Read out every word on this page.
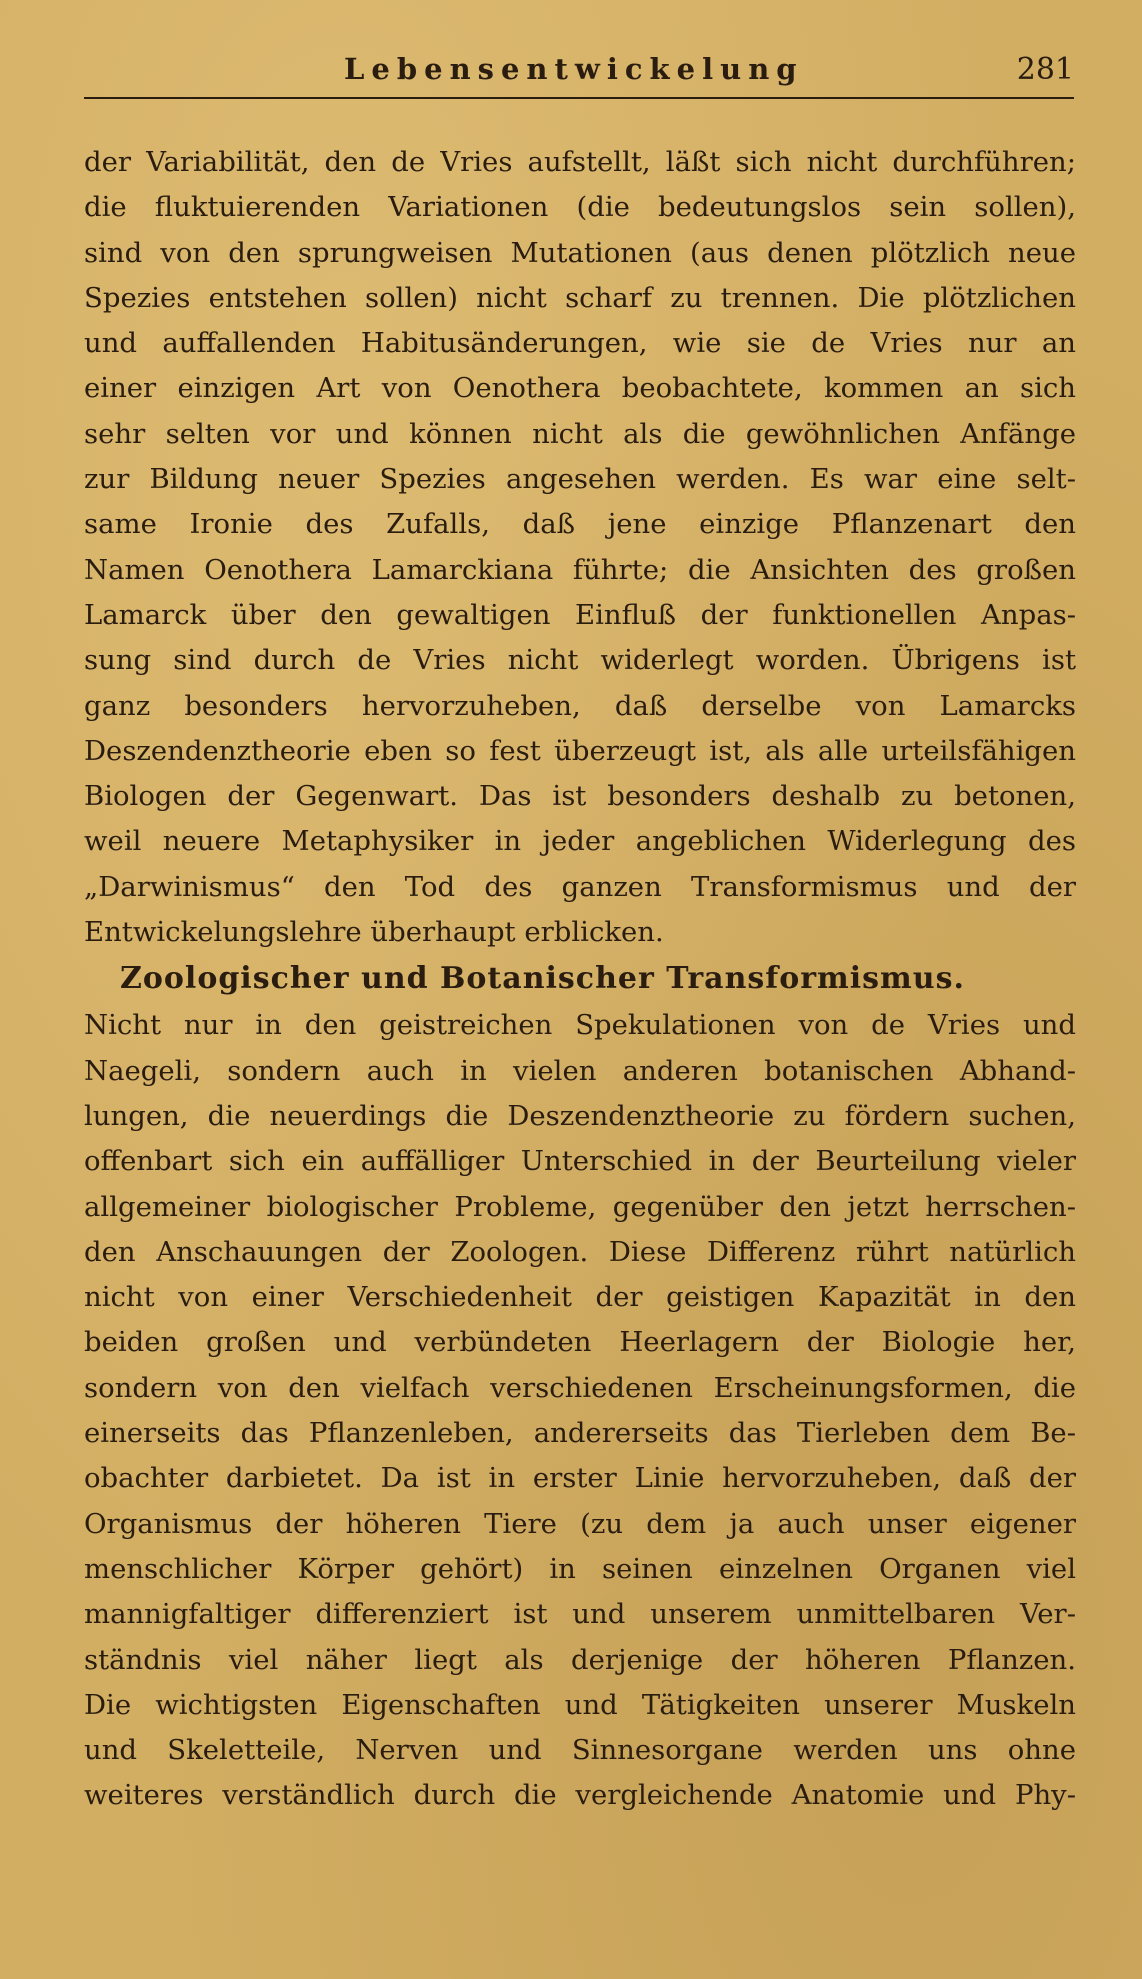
Lebensentwickelung	281
der Variabilität, den de Vries aufstellt, läßt sich nicht durchführen;
die fluktuierenden Variationen (die bedeutungslos sein sollen),
sind von den sprungweisen Mutationen (aus denen plötzlich neue
Spezies entstehen sollen) nicht scharf zu trennen. Die plötzlichen
und auffallenden Habitusänderungen, wie sie de Vries nur an
einer einzigen Art von Oenothera beobachtete, kommen an sich
sehr selten vor und können nicht als die gewöhnlichen Anfänge
zur Bildung neuer Spezies angesehen werden. Es war eine selt-
same Ironie des Zufalls, daß jene einzige Pflanzenart den
Namen Oenothera Lamarckiana führte; die Ansichten des großen
Lamarck über den gewaltigen Einfluß der funktionellen Anpas-
sung sind durch de Vries nicht widerlegt worden. Übrigens ist
ganz besonders hervorzuheben, daß derselbe von Lamarcks
Deszendenztheorie eben so fest überzeugt ist, als alle urteilsfähigen
Biologen der Gegenwart. Das ist besonders deshalb zu betonen,
weil neuere Metaphysiker in jeder angeblichen Widerlegung des
„Darwinismus“ den Tod des ganzen Transformismus und der
Entwickelungslehre überhaupt erblicken.
Zoologischer und Botanischer Transformismus.
Nicht nur in den geistreichen Spekulationen von de Vries und
Naegeli, sondern auch in vielen anderen botanischen Abhand-
lungen, die neuerdings die Deszendenztheorie zu fördern suchen,
offenbart sich ein auffälliger Unterschied in der Beurteilung vieler
allgemeiner biologischer Probleme, gegenüber den jetzt herrschen-
den Anschauungen der Zoologen. Diese Differenz rührt natürlich
nicht von einer Verschiedenheit der geistigen Kapazität in den
beiden großen und verbündeten Heerlagern der Biologie her,
sondern von den vielfach verschiedenen Erscheinungsformen, die
einerseits das Pflanzenleben, andererseits das Tierleben dem Be-
obachter darbietet. Da ist in erster Linie hervorzuheben, daß der
Organismus der höheren Tiere (zu dem ja auch unser eigener
menschlicher Körper gehört) in seinen einzelnen Organen viel
mannigfaltiger differenziert ist und unserem unmittelbaren Ver-
ständnis viel näher liegt als derjenige der höheren Pflanzen.
Die wichtigsten Eigenschaften und Tätigkeiten unserer Muskeln
und Skeletteile, Nerven und Sinnesorgane werden uns ohne
weiteres verständlich durch die vergleichende Anatomie und Phy-
